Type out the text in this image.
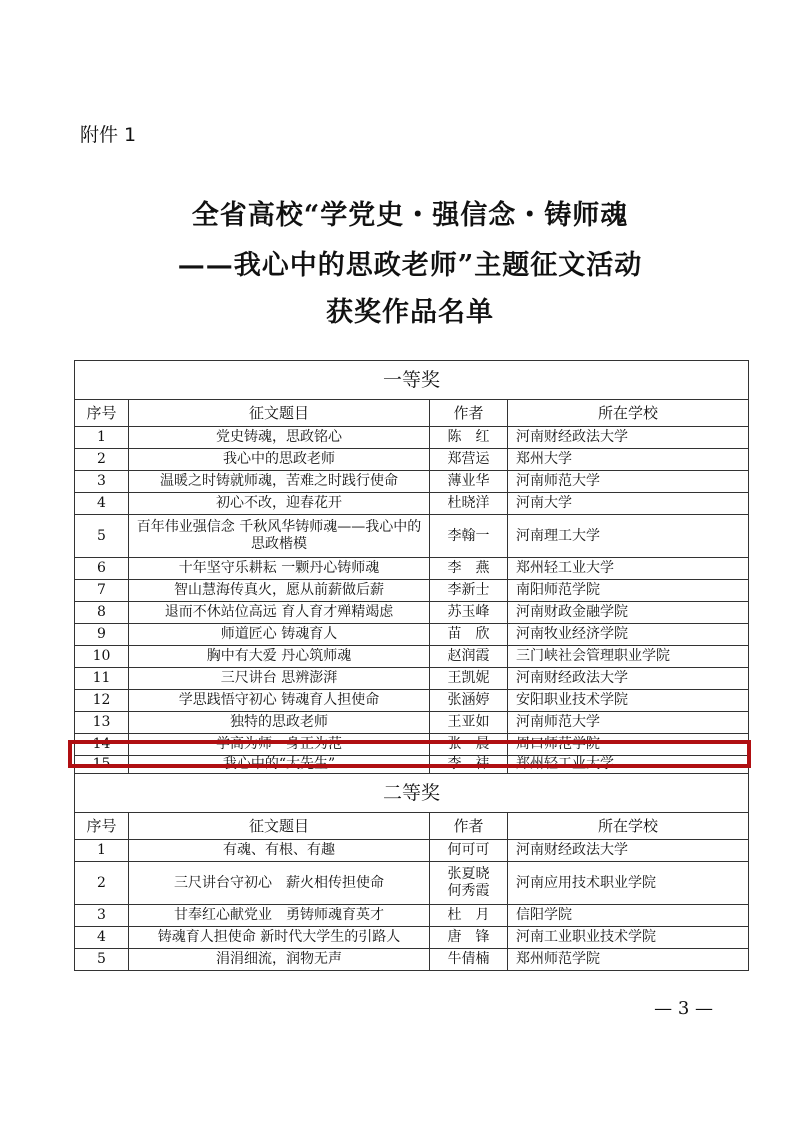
附件 1
全省高校“学党史・强信念・铸师魂
——我心中的思政老师”主题征文活动
获奖作品名单
一等奖			
序号	征文题目	作者	所在学校
1	党史铸魂，思政铭心	陈　红	河南财经政法大学
2	我心中的思政老师	郑营运	郑州大学
3	温暖之时铸就师魂，苦难之时践行使命	薄业华	河南师范大学
4	初心不改，迎春花开	杜晓洋	河南大学
5	百年伟业强信念 千秋风华铸师魂——我心中的思政楷模	李翰一	河南理工大学
6	十年坚守乐耕耘 一颗丹心铸师魂	李　燕	郑州轻工业大学
7	智山慧海传真火，愿从前薪做后薪	李新士	南阳师范学院
8	退而不休站位高远 育人育才殚精竭虑	苏玉峰	河南财政金融学院
9	师道匠心 铸魂育人	苗　欣	河南牧业经济学院
10	胸中有大爱 丹心筑师魂	赵润霞	三门峡社会管理职业学院
11	三尺讲台 思辨澎湃	王凯妮	河南财经政法大学
12	学思践悟守初心 铸魂育人担使命	张涵婷	安阳职业技术学院
13	独特的思政老师	王亚如	河南师范大学
14	学高为师　身正为范	张一晨	周口师范学院
15	我心中的“大先生”	李　祎	郑州轻工业大学
二等奖			
序号	征文题目	作者	所在学校
1	有魂、有根、有趣	何可可	河南财经政法大学
2	三尺讲台守初心　薪火相传担使命	张夏晓 何秀霞	河南应用技术职业学院
3	甘奉红心献党业　勇铸师魂育英才	杜　月	信阳学院
4	铸魂育人担使命 新时代大学生的引路人	唐　锋	河南工业职业技术学院
5	涓涓细流，润物无声	牛倩楠	郑州师范学院
— 3 —
